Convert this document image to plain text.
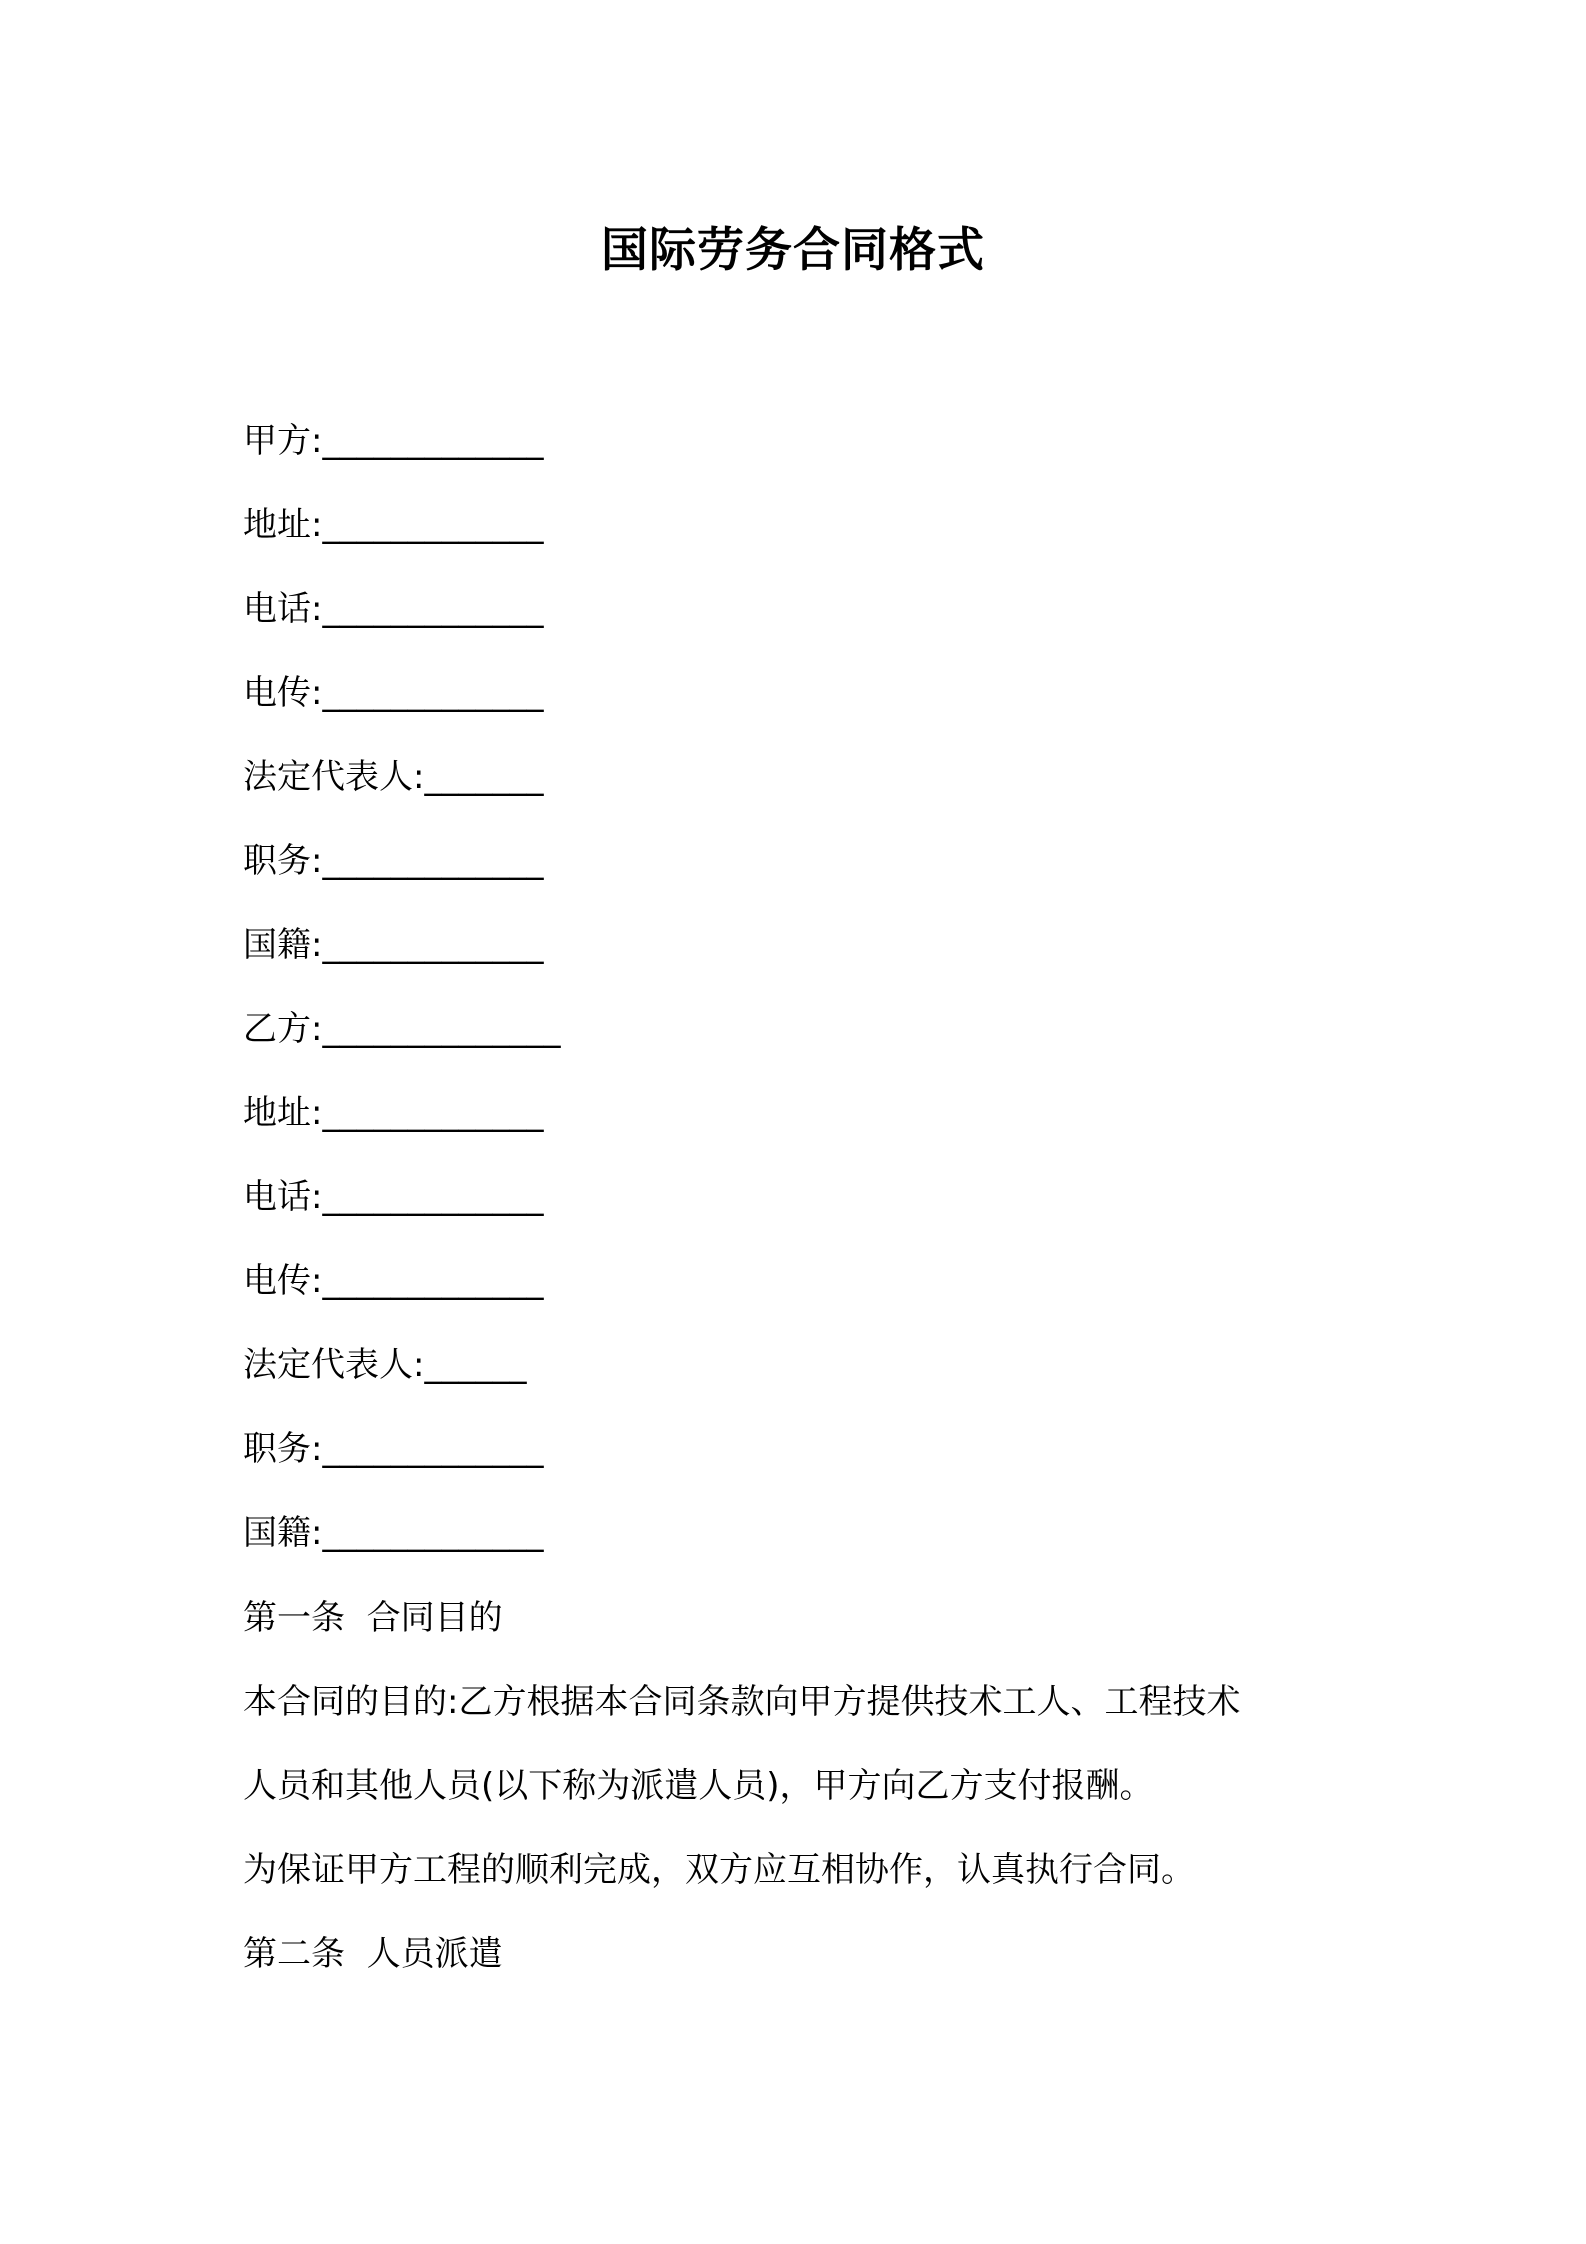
国际劳务合同格式

甲方:_____________

地址:_____________

电话:_____________

电传:_____________

法定代表人:_______

职务:_____________

国籍:_____________

乙方:______________

地址:_____________

电话:_____________

电传:_____________

法定代表人:______

职务:_____________

国籍:_____________

第一条  合同目的

本合同的目的:乙方根据本合同条款向甲方提供技术工人、工程技术

人员和其他人员(以下称为派遣人员)，甲方向乙方支付报酬。

为保证甲方工程的顺利完成，双方应互相协作，认真执行合同。

第二条  人员派遣
